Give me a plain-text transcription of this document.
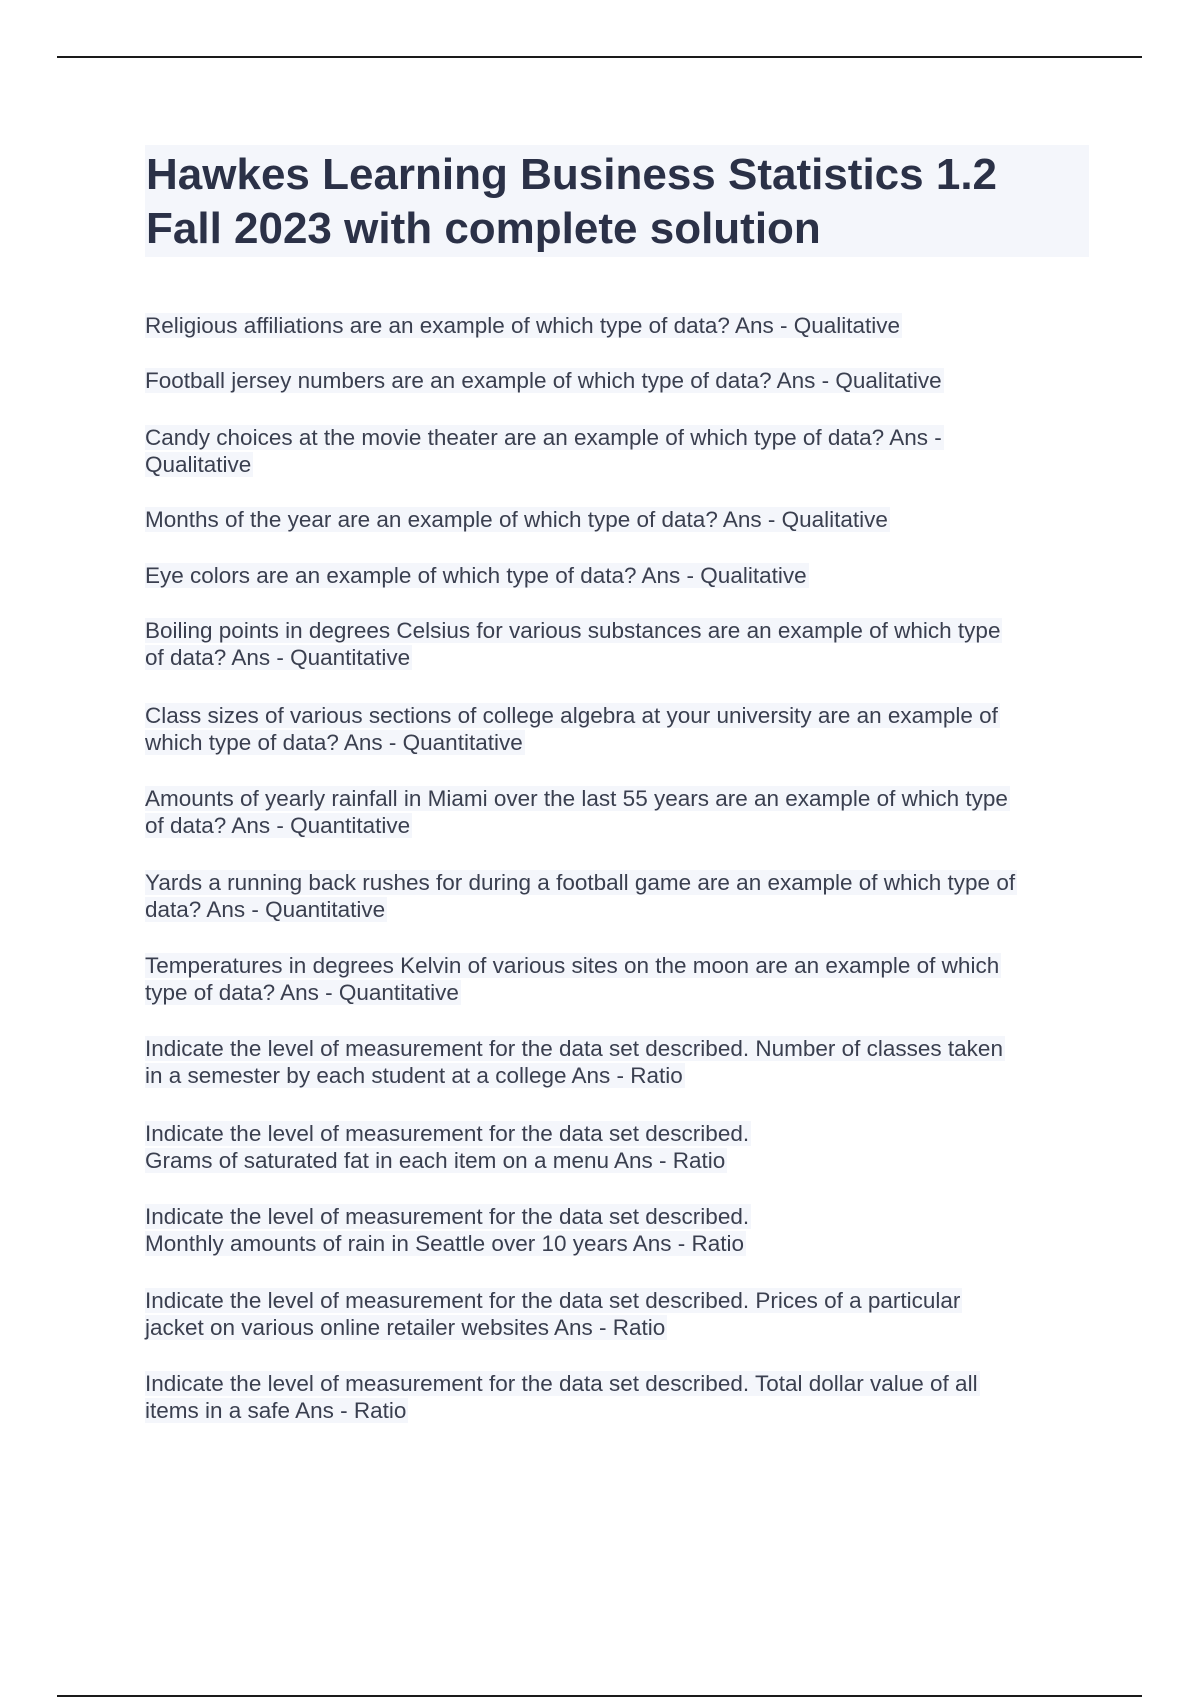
Hawkes Learning Business Statistics 1.2
Fall 2023 with complete solution
Religious affiliations are an example of which type of data? Ans - Qualitative
Football jersey numbers are an example of which type of data? Ans - Qualitative
Candy choices at the movie theater are an example of which type of data? Ans -
Qualitative
Months of the year are an example of which type of data? Ans - Qualitative
Eye colors are an example of which type of data? Ans - Qualitative
Boiling points in degrees Celsius for various substances are an example of which type
of data? Ans - Quantitative
Class sizes of various sections of college algebra at your university are an example of
which type of data? Ans - Quantitative
Amounts of yearly rainfall in Miami over the last 55 years are an example of which type
of data? Ans - Quantitative
Yards a running back rushes for during a football game are an example of which type of
data? Ans - Quantitative
Temperatures in degrees Kelvin of various sites on the moon are an example of which
type of data? Ans - Quantitative
Indicate the level of measurement for the data set described. Number of classes taken
in a semester by each student at a college Ans - Ratio
Indicate the level of measurement for the data set described.
Grams of saturated fat in each item on a menu Ans - Ratio
Indicate the level of measurement for the data set described.
Monthly amounts of rain in Seattle over 10 years Ans - Ratio
Indicate the level of measurement for the data set described. Prices of a particular
jacket on various online retailer websites Ans - Ratio
Indicate the level of measurement for the data set described. Total dollar value of all
items in a safe Ans - Ratio
